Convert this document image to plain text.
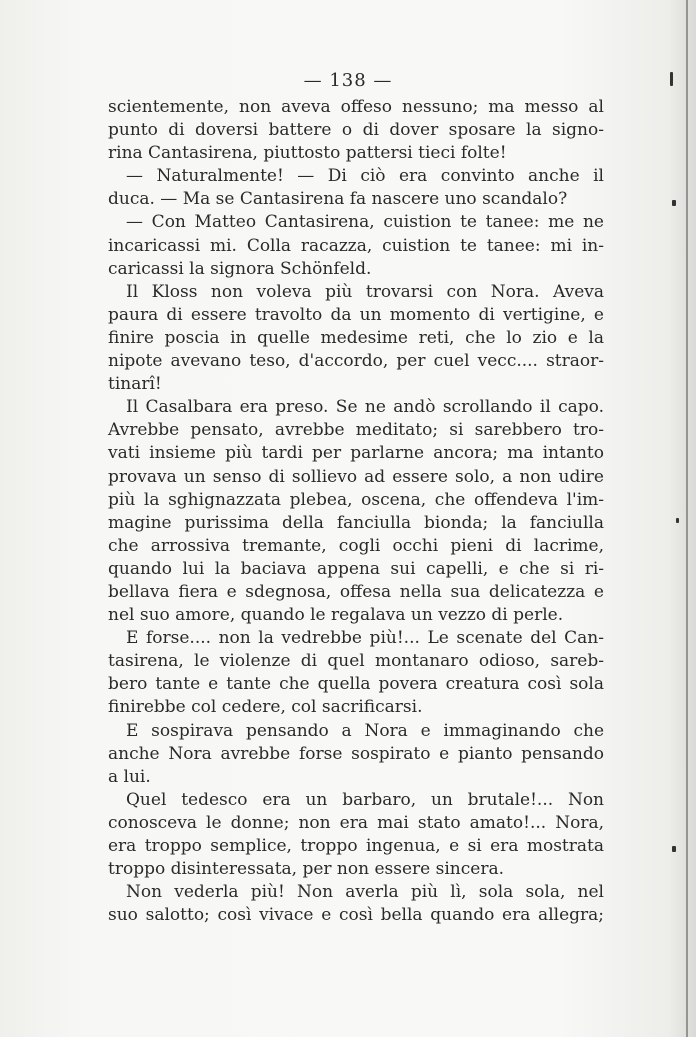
— 138 —
scientemente, non aveva offeso nessuno; ma messo al
punto di doversi battere o di dover sposare la signo-
rina Cantasirena, piuttosto pattersi tieci folte!
— Naturalmente! — Di ciò era convinto anche il
duca. — Ma se Cantasirena fa nascere uno scandalo?
— Con Matteo Cantasirena, cuistion te tanee: me ne
incaricassi mi. Colla racazza, cuistion te tanee: mi in-
caricassi la signora Schönfeld.
Il Kloss non voleva più trovarsi con Nora. Aveva
paura di essere travolto da un momento di vertigine, e
finire poscia in quelle medesime reti, che lo zio e la
nipote avevano teso, d'accordo, per cuel vecc.... straor-
tinarî!
Il Casalbara era preso. Se ne andò scrollando il capo.
Avrebbe pensato, avrebbe meditato; si sarebbero tro-
vati insieme più tardi per parlarne ancora; ma intanto
provava un senso di sollievo ad essere solo, a non udire
più la sghignazzata plebea, oscena, che offendeva l'im-
magine purissima della fanciulla bionda; la fanciulla
che arrossiva tremante, cogli occhi pieni di lacrime,
quando lui la baciava appena sui capelli, e che si ri-
bellava fiera e sdegnosa, offesa nella sua delicatezza e
nel suo amore, quando le regalava un vezzo di perle.
E forse.... non la vedrebbe più!... Le scenate del Can-
tasirena, le violenze di quel montanaro odioso, sareb-
bero tante e tante che quella povera creatura così sola
finirebbe col cedere, col sacrificarsi.
E sospirava pensando a Nora e immaginando che
anche Nora avrebbe forse sospirato e pianto pensando
a lui.
Quel tedesco era un barbaro, un brutale!... Non
conosceva le donne; non era mai stato amato!... Nora,
era troppo semplice, troppo ingenua, e si era mostrata
troppo disinteressata, per non essere sincera.
Non vederla più! Non averla più lì, sola sola, nel
suo salotto; così vivace e così bella quando era allegra;
